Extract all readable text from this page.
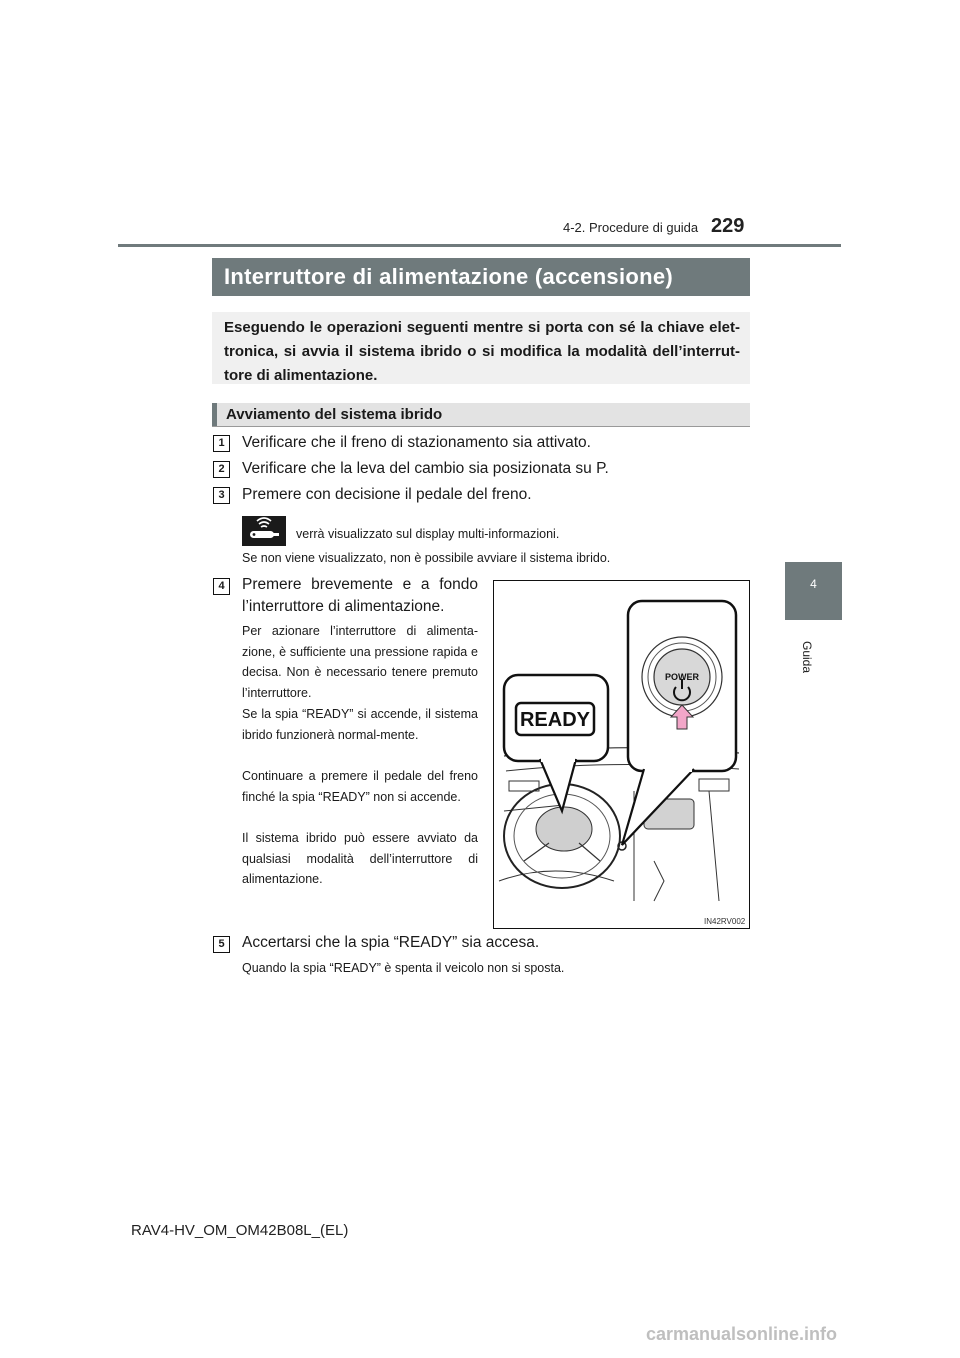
4-2. Procedure di guida 229
4
Guida
Interruttore di alimentazione (accensione)

Eseguendo le operazioni seguenti mentre si porta con sé la chiave elet-tronica, si avvia il sistema ibrido o si modifica la modalità dell’interrut-tore di alimentazione.

Avviamento del sistema ibrido
1	Verificare che il freno di stazionamento sia attivato.
2	Verificare che la leva del cambio sia posizionata su P.
3	Premere con decisione il pedale del freno.
verrà visualizzato sul display multi-informazioni.
Se non viene visualizzato, non è possibile avviare il sistema ibrido.
4	Premere brevemente e a fondo
l’interruttore di alimentazione.

Per azionare l’interruttore di alimenta-zione, è sufficiente una pressione rapida e decisa. Non è necessario tenere premuto l’interruttore.

Se la spia “READY” si accende, il sistema ibrido funzionerà normal-mente.

Continuare a premere il pedale del freno finché la spia “READY” non si accende.

Il sistema ibrido può essere avviato da qualsiasi modalità dell’interruttore di alimentazione.

READY
POWER
IN42RV002
5	Accertarsi che la spia “READY” sia accesa.
Quando la spia “READY” è spenta il veicolo non si sposta.
RAV4-HV_OM_OM42B08L_(EL)
carmanualsonline.info
